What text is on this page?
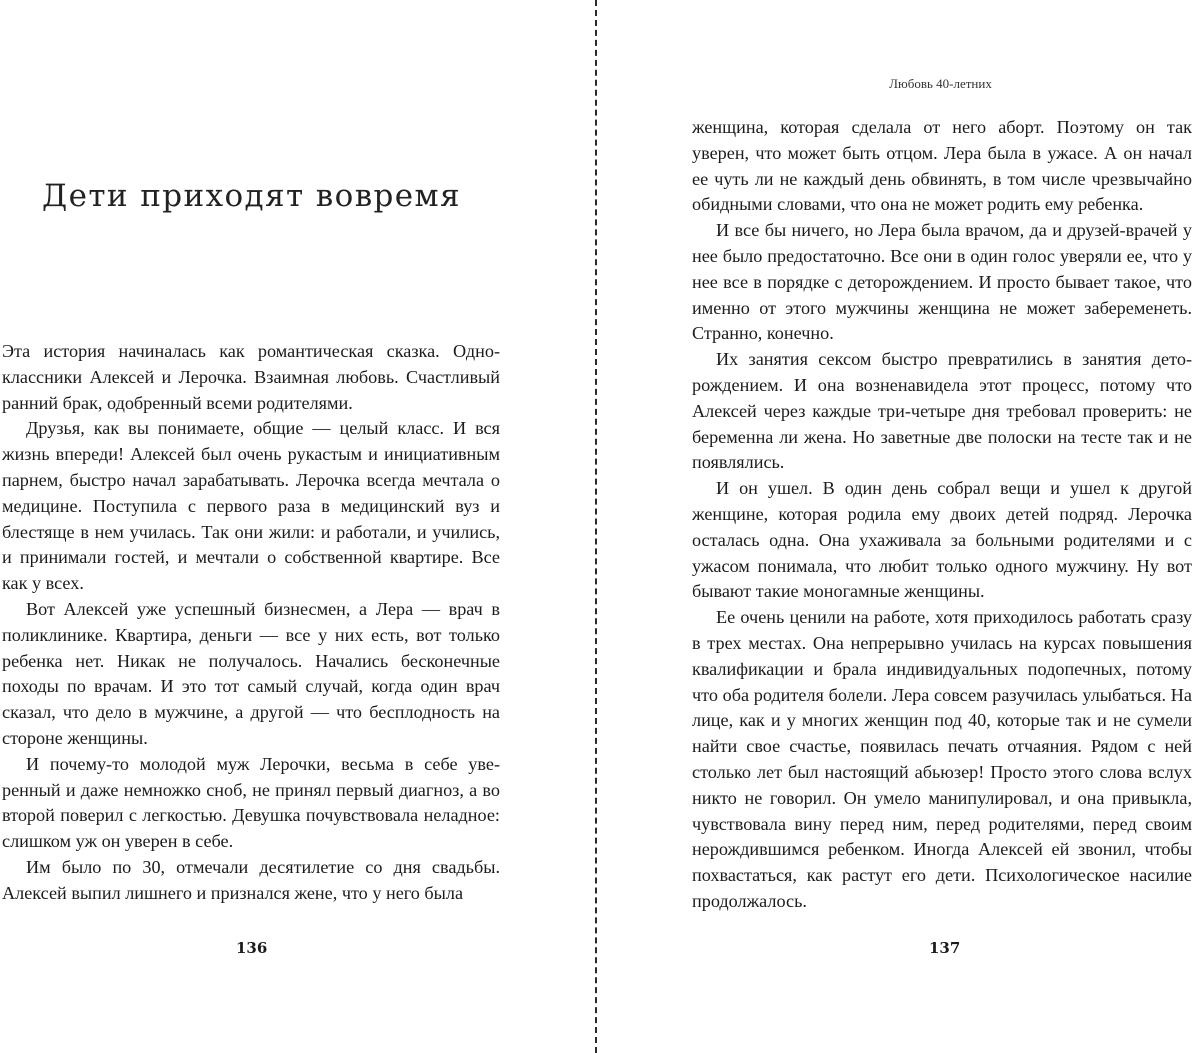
Дети приходят вовремя

Эта история начиналась как романтическая сказка. Одноклассники Алексей и Лерочка. Взаимная любовь. Счастливый ранний брак, одобренный всеми родителями.

Друзья, как вы понимаете, общие — целый класс. И вся жизнь впереди! Алексей был очень рукастым и инициативным парнем, быстро начал зарабатывать. Лерочка всегда мечтала о медицине. Поступила с первого раза в медицинский вуз и блестяще в нем училась. Так они жили: и работали, и учились, и принимали гостей, и мечтали о собственной квартире. Все как у всех.

Вот Алексей уже успешный бизнесмен, а Лера — врач в поликлинике. Квартира, деньги — все у них есть, вот только ребенка нет. Никак не получалось. Начались бесконечные походы по врачам. И это тот самый случай, когда один врач сказал, что дело в мужчине, а другой — что бесплодность на стороне женщины.

И почему-то молодой муж Лерочки, весьма в себе уверенный и даже немножко сноб, не принял первый диагноз, а во второй поверил с легкостью. Девушка почувствовала неладное: слишком уж он уверен в себе.

Им было по 30, отмечали десятилетие со дня свадьбы. Алексей выпил лишнего и признался жене, что у него была

136
Любовь 40-летних

женщина, которая сделала от него аборт. Поэтому он так уверен, что может быть отцом. Лера была в ужасе. А он начал ее чуть ли не каждый день обвинять, в том числе чрезвычайно обидными словами, что она не может родить ему ребенка.

И все бы ничего, но Лера была врачом, да и друзей-врачей у нее было предостаточно. Все они в один голос уверяли ее, что у нее все в порядке с деторождением. И просто бывает такое, что именно от этого мужчины женщина не может забеременеть. Странно, конечно.

Их занятия сексом быстро превратились в занятия деторождением. И она возненавидела этот процесс, потому что Алексей через каждые три-четыре дня требовал проверить: не беременна ли жена. Но заветные две полоски на тесте так и не появлялись.

И он ушел. В один день собрал вещи и ушел к другой женщине, которая родила ему двоих детей подряд. Лерочка осталась одна. Она ухаживала за больными родителями и с ужасом понимала, что любит только одного мужчину. Ну вот бывают такие моногамные женщины.

Ее очень ценили на работе, хотя приходилось работать сразу в трех местах. Она непрерывно училась на курсах повышения квалификации и брала индивидуальных подопечных, потому что оба родителя болели. Лера совсем разучилась улыбаться. На лице, как и у многих женщин под 40, которые так и не сумели найти свое счастье, появилась печать отчаяния. Рядом с ней столько лет был настоящий абьюзер! Просто этого слова вслух никто не говорил. Он умело манипулировал, и она привыкла, чувствовала вину перед ним, перед родителями, перед своим нерождившимся ребенком. Иногда Алексей ей звонил, чтобы похвастаться, как растут его дети. Психологическое насилие продолжалось.

137
